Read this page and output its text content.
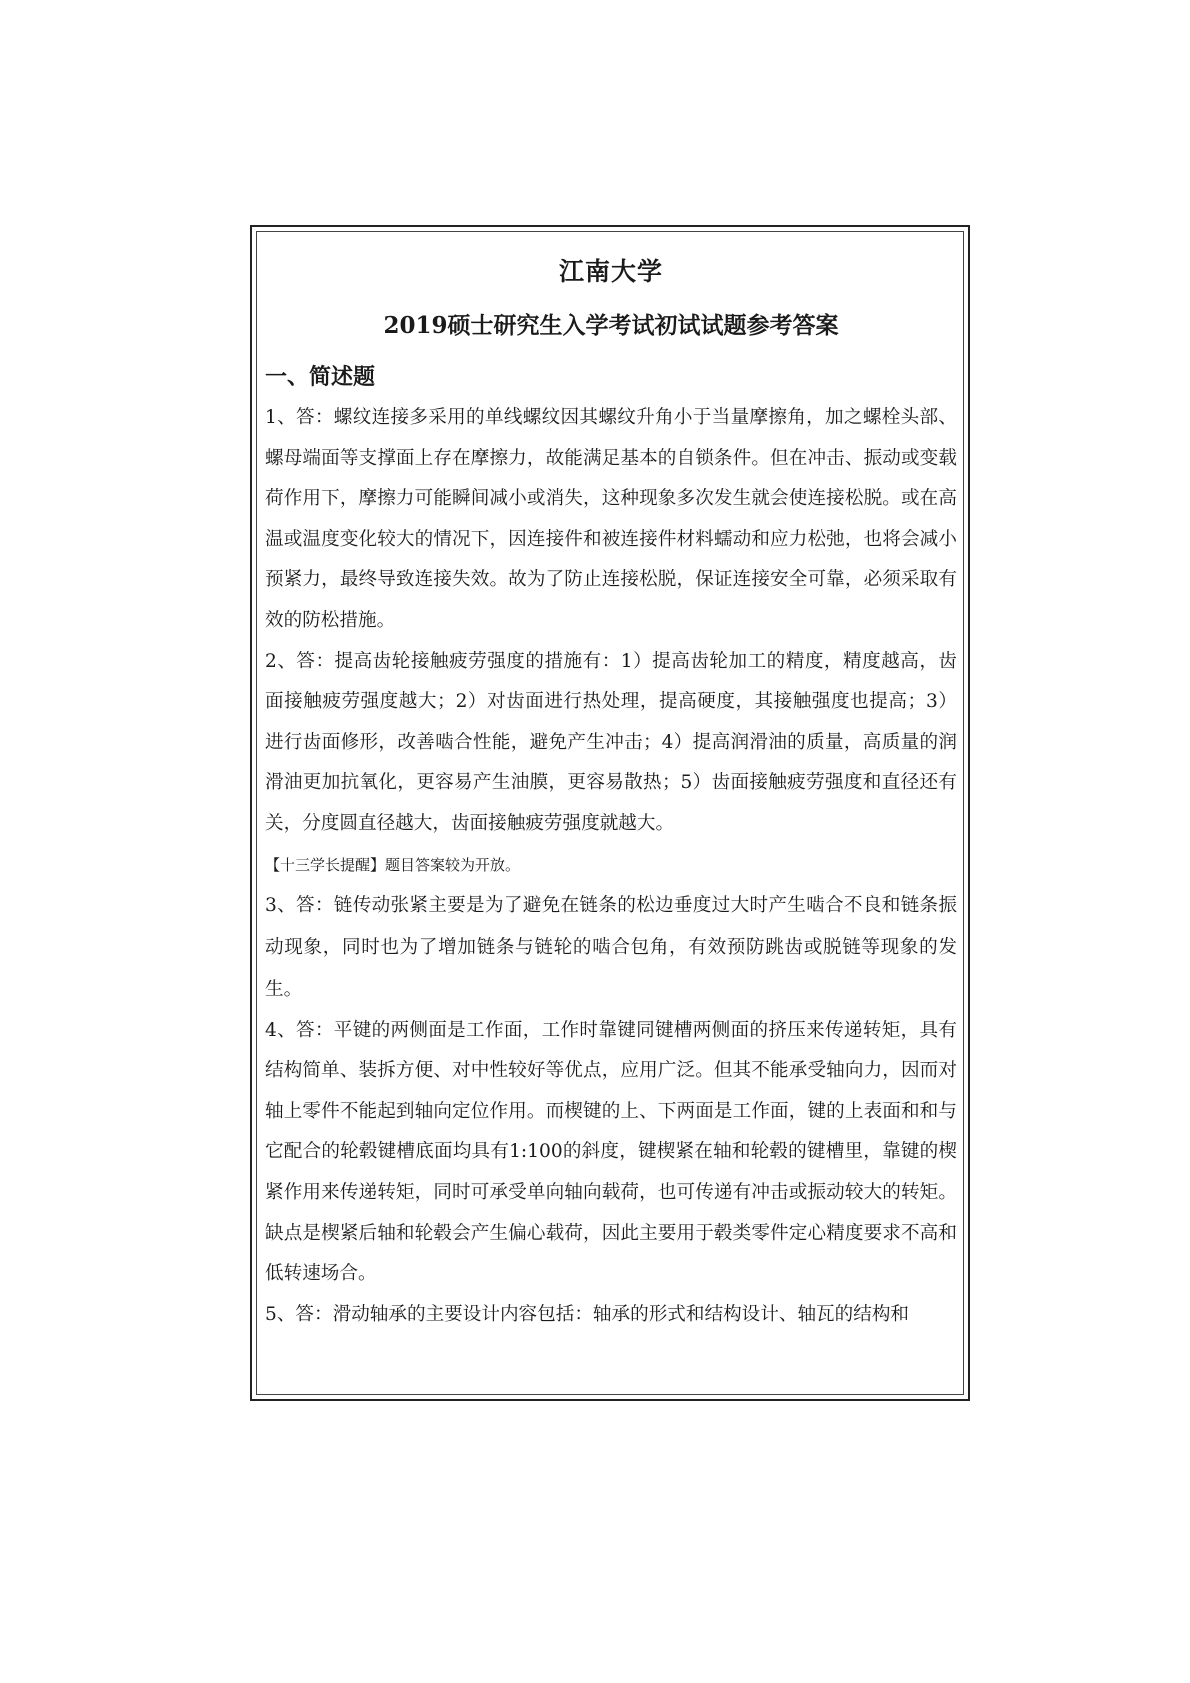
江南大学
2019硕士研究生入学考试初试试题参考答案
一、简述题

1、答：螺纹连接多采用的单线螺纹因其螺纹升角小于当量摩擦角，加之螺栓头部、螺母端面等支撑面上存在摩擦力，故能满足基本的自锁条件。但在冲击、振动或变载荷作用下，摩擦力可能瞬间减小或消失，这种现象多次发生就会使连接松脱。或在高温或温度变化较大的情况下，因连接件和被连接件材料蠕动和应力松弛，也将会减小预紧力，最终导致连接失效。故为了防止连接松脱，保证连接安全可靠，必须采取有效的防松措施。

2、答：提高齿轮接触疲劳强度的措施有：1）提高齿轮加工的精度，精度越高，齿面接触疲劳强度越大；2）对齿面进行热处理，提高硬度，其接触强度也提高；3）进行齿面修形，改善啮合性能，避免产生冲击；4）提高润滑油的质量，高质量的润滑油更加抗氧化，更容易产生油膜，更容易散热；5）齿面接触疲劳强度和直径还有关，分度圆直径越大，齿面接触疲劳强度就越大。

【十三学长提醒】题目答案较为开放。

3、答：链传动张紧主要是为了避免在链条的松边垂度过大时产生啮合不良和链条振动现象，同时也为了增加链条与链轮的啮合包角，有效预防跳齿或脱链等现象的发生。

4、答：平键的两侧面是工作面，工作时靠键同键槽两侧面的挤压来传递转矩，具有结构简单、装拆方便、对中性较好等优点，应用广泛。但其不能承受轴向力，因而对轴上零件不能起到轴向定位作用。而楔键的上、下两面是工作面，键的上表面和和与它配合的轮毂键槽底面均具有1:100的斜度，键楔紧在轴和轮毂的键槽里，靠键的楔紧作用来传递转矩，同时可承受单向轴向载荷，也可传递有冲击或振动较大的转矩。缺点是楔紧后轴和轮毂会产生偏心载荷，因此主要用于毂类零件定心精度要求不高和低转速场合。

5、答：滑动轴承的主要设计内容包括：轴承的形式和结构设计、轴瓦的结构和
